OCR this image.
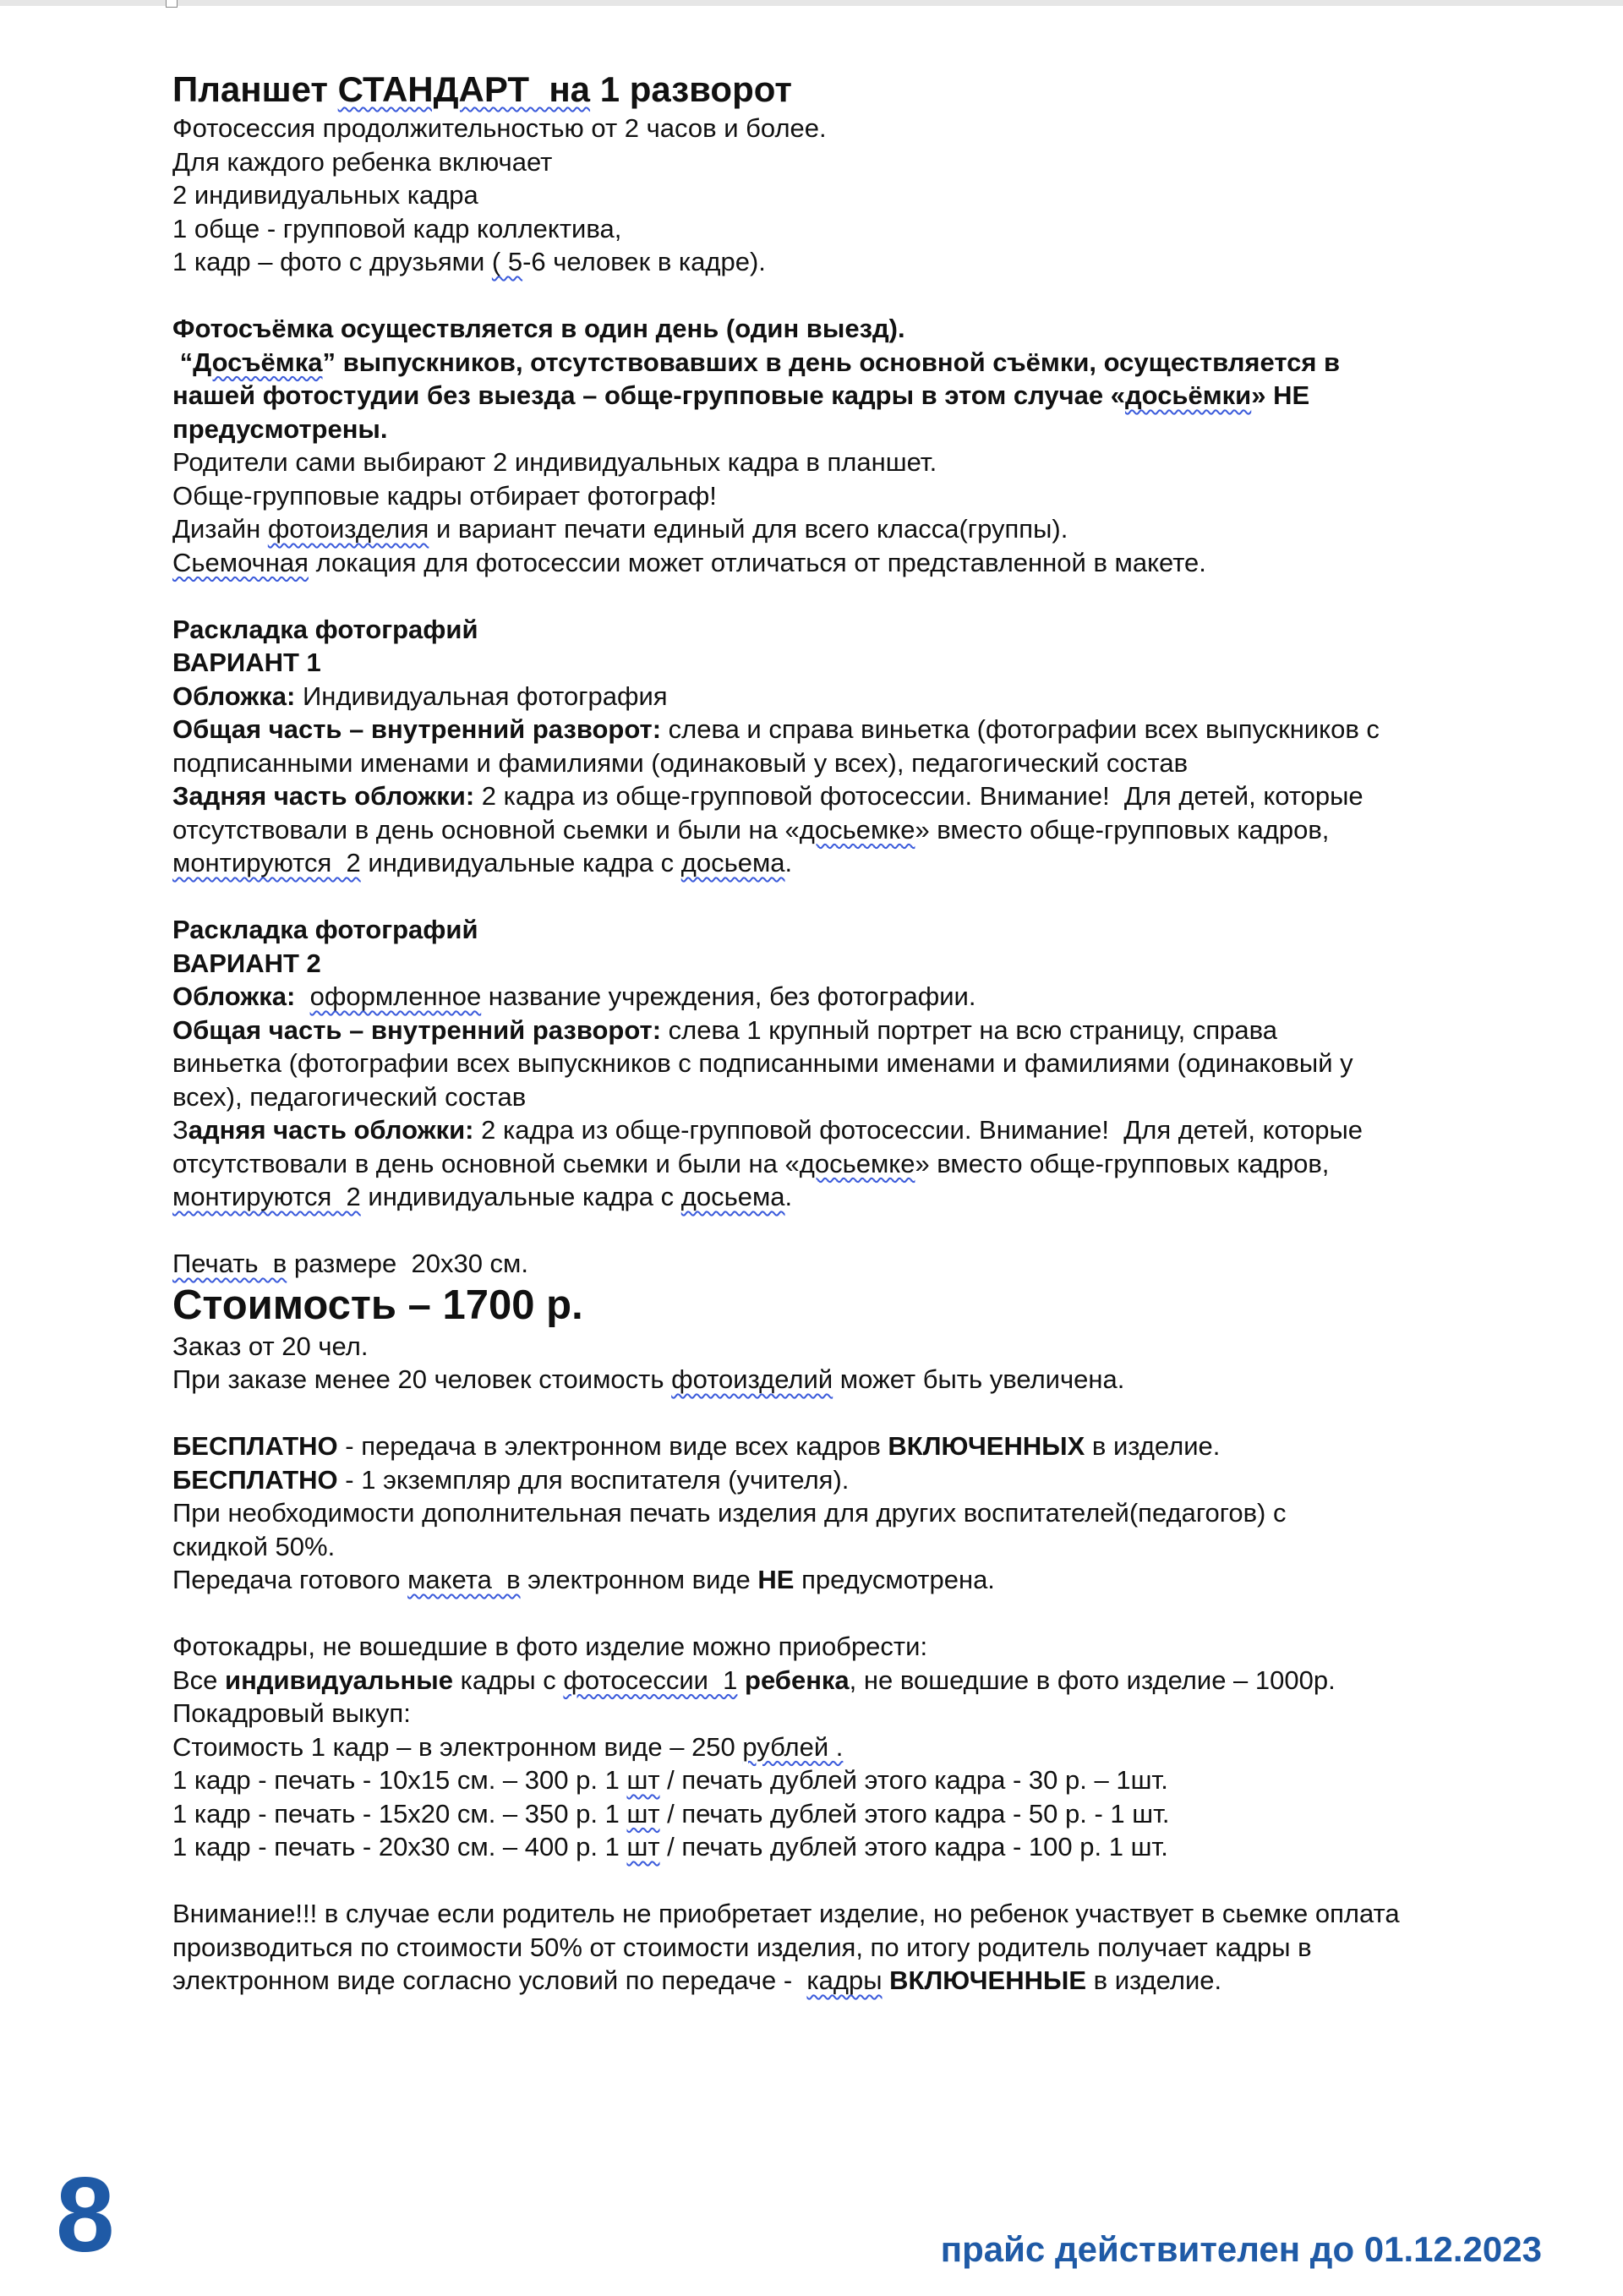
Планшет СТАНДАРТ  на 1 разворот
Фотосессия продолжительностью от 2 часов и более.
Для каждого ребенка включает
2 индивидуальных кадра
1 обще - групповой кадр коллектива,
1 кадр – фото с друзьями ( 5-6 человек в кадре).
Фотосъёмка осуществляется в один день (один выезд).
“Досъёмка” выпускников, отсутствовавших в день основной съёмки, осуществляется в
нашей фотостудии без выезда – обще-групповые кадры в этом случае «досьёмки» НЕ
предусмотрены.
Родители сами выбирают 2 индивидуальных кадра в планшет.
Обще-групповые кадры отбирает фотограф!
Дизайн фотоизделия и вариант печати единый для всего класса(группы).
Сьемочная локация для фотосессии может отличаться от представленной в макете.
Раскладка фотографий
ВАРИАНТ 1
Обложка: Индивидуальная фотография
Общая часть – внутренний разворот: слева и справа виньетка (фотографии всех выпускников с
подписанными именами и фамилиями (одинаковый у всех), педагогический состав
Задняя часть обложки: 2 кадра из обще-групповой фотосессии. Внимание!  Для детей, которые
отсутствовали в день основной сьемки и были на «досьемке» вместо обще-групповых кадров,
монтируются  2 индивидуальные кадра с досьема.
Раскладка фотографий
ВАРИАНТ 2
Обложка: оформленное название учреждения, без фотографии.
Общая часть – внутренний разворот: слева 1 крупный портрет на всю страницу, справа
виньетка (фотографии всех выпускников с подписанными именами и фамилиями (одинаковый у
всех), педагогический состав
Задняя часть обложки: 2 кадра из обще-групповой фотосессии. Внимание!  Для детей, которые
отсутствовали в день основной сьемки и были на «досьемке» вместо обще-групповых кадров,
монтируются  2 индивидуальные кадра с досьема.
Печать  в размере  20х30 см.
Стоимость – 1700 р.
Заказ от 20 чел.
При заказе менее 20 человек стоимость фотоизделий может быть увеличена.
БЕСПЛАТНО - передача в электронном виде всех кадров ВКЛЮЧЕННЫХ в изделие.
БЕСПЛАТНО - 1 экземпляр для воспитателя (учителя).
При необходимости дополнительная печать изделия для других воспитателей(педагогов) с
скидкой 50%.
Передача готового макета  в электронном виде НЕ предусмотрена.
Фотокадры, не вошедшие в фото изделие можно приобрести:
Все индивидуальные кадры с фотосессии  1 ребенка, не вошедшие в фото изделие – 1000р.
Покадровый выкуп:
Стоимость 1 кадр – в электронном виде – 250 рублей .
1 кадр - печать - 10х15 см. – 300 р. 1 шт / печать дублей этого кадра - 30 р. – 1шт.
1 кадр - печать - 15х20 см. – 350 р. 1 шт / печать дублей этого кадра - 50 р. - 1 шт.
1 кадр - печать - 20х30 см. – 400 р. 1 шт / печать дублей этого кадра - 100 р. 1 шт.
Внимание!!! в случае если родитель не приобретает изделие, но ребенок участвует в сьемке оплата
производиться по стоимости 50% от стоимости изделия, по итогу родитель получает кадры в
электронном виде согласно условий по передаче -  кадры ВКЛЮЧЕННЫЕ в изделие.
8	прайс действителен до 01.12.2023
